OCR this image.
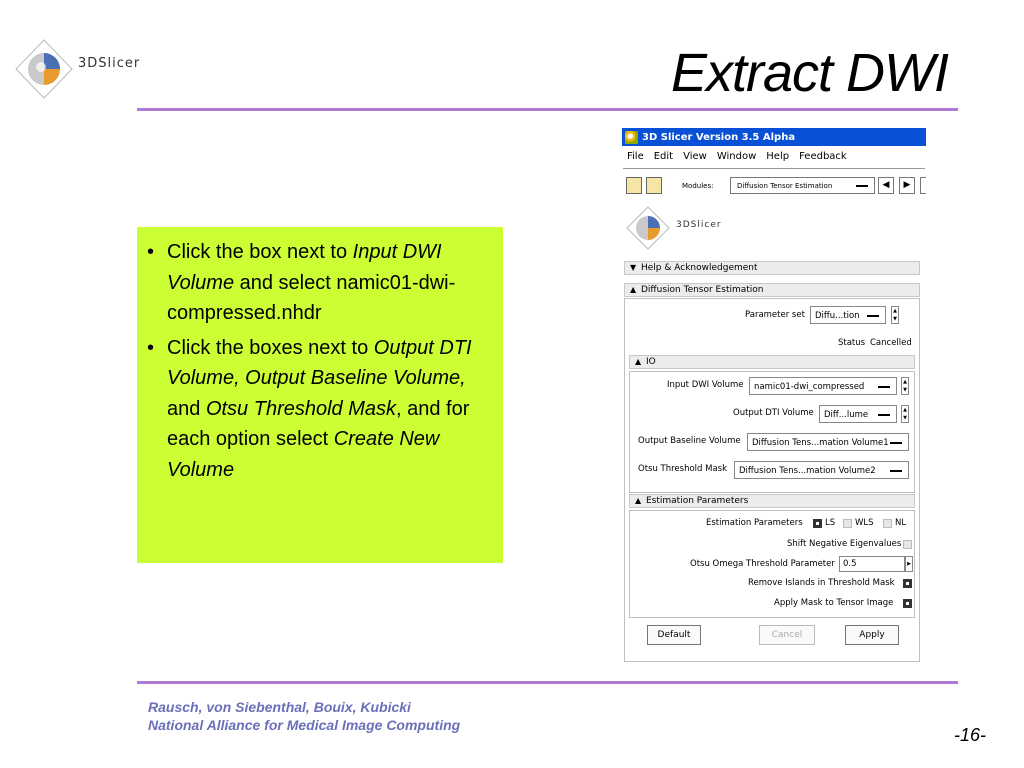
3DSlicer	Extract DWI
• Click the box next to Input DWI Volume and select namic01-dwi-compressed.nhdr
• Click the boxes next to Output DTI Volume, Output Baseline Volume, and Otsu Threshold Mask, and for each option select Create New Volume
3D Slicer Version 3.5 Alpha
File	Edit	View	Window	Help	Feedback
Modules:	Diffusion Tensor Estimation	◀	▶
3DSlicer
▼ Help & Acknowledgement
▲ Diffusion Tensor Estimation
Parameter set	Diffu...tion	▲
▼
Status Cancelled
▲ IO
Input DWI Volume	namic01-dwi_compressed	▲
▼
Output DTI Volume	Diff...lume	▲
▼
Output Baseline Volume	Diffusion Tens...mation Volume1
Otsu Threshold Mask	Diffusion Tens...mation Volume2
▲ Estimation Parameters
Estimation Parameters	LS WLS	NL
Shift Negative Eigenvalues
Otsu Omega Threshold Parameter 0.5	▶
Remove Islands in Threshold Mask
Apply Mask to Tensor Image
Default	Cancel	Apply
Rausch, von Siebenthal, Bouix, Kubicki
National Alliance for Medical Image Computing	-16-
